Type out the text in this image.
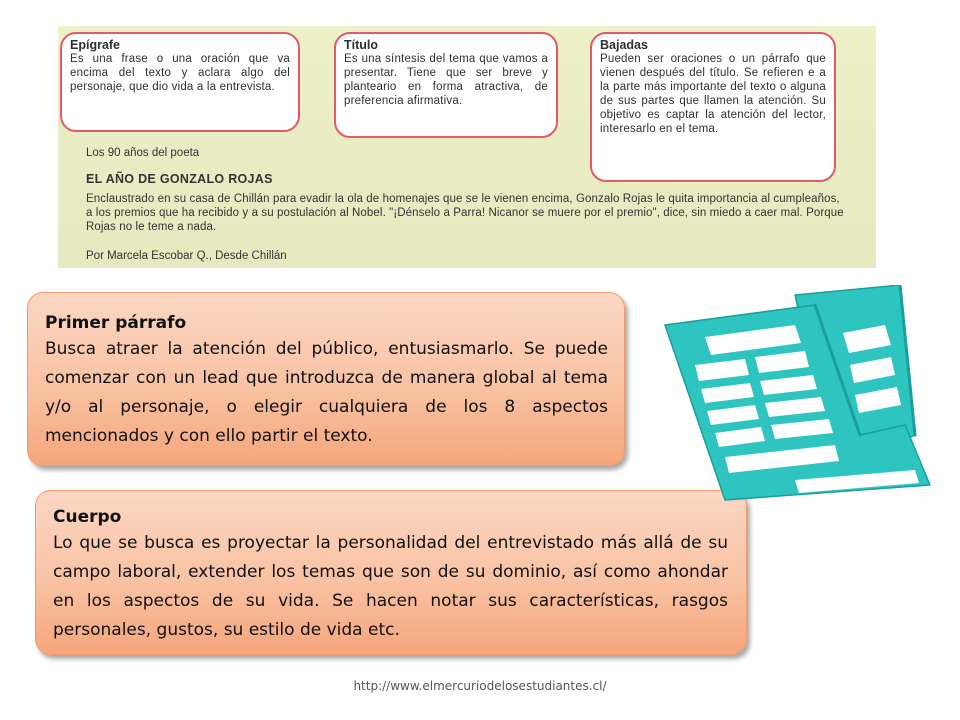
Epígrafe
Es una frase o una oración que va encima del texto y aclara algo del personaje, que dio vida a la entrevista.
Título
Es una síntesis del tema que vamos a presentar. Tiene que ser breve y planteario en forma atractiva, de preferencia afirmativa.
Bajadas
Pueden ser oraciones o un párrafo que vienen después del título. Se refieren e a la parte más importante del texto o alguna de sus partes que llamen la atención. Su objetivo es captar la atención del lector, interesarlo en el tema.
Los 90 años del poeta
EL AÑO DE GONZALO ROJAS
Enclaustrado en su casa de Chillán para evadir la ola de homenajes que se le vienen encima, Gonzalo Rojas le quita importancia al cumpleaños, a los premios que ha recibido y a su postulación al Nobel. "¡Dénselo a Parra! Nicanor se muere por el premio", dice, sin miedo a caer mal. Porque Rojas no le teme a nada.
Por Marcela Escobar Q., Desde Chillán
Primer párrafo
Busca atraer la atención del público, entusiasmarlo. Se puede comenzar con un lead que introduzca de manera global al tema y/o al personaje, o elegir cualquiera de los 8 aspectos mencionados y con ello partir el texto.
Cuerpo
Lo que se busca es proyectar la personalidad del entrevistado más allá de su campo laboral, extender los temas que son de su dominio, así como ahondar en los aspectos de su vida. Se hacen notar sus características, rasgos personales, gustos, su estilo de vida etc.
http://www.elmercuriodelosestudiantes.cl/
